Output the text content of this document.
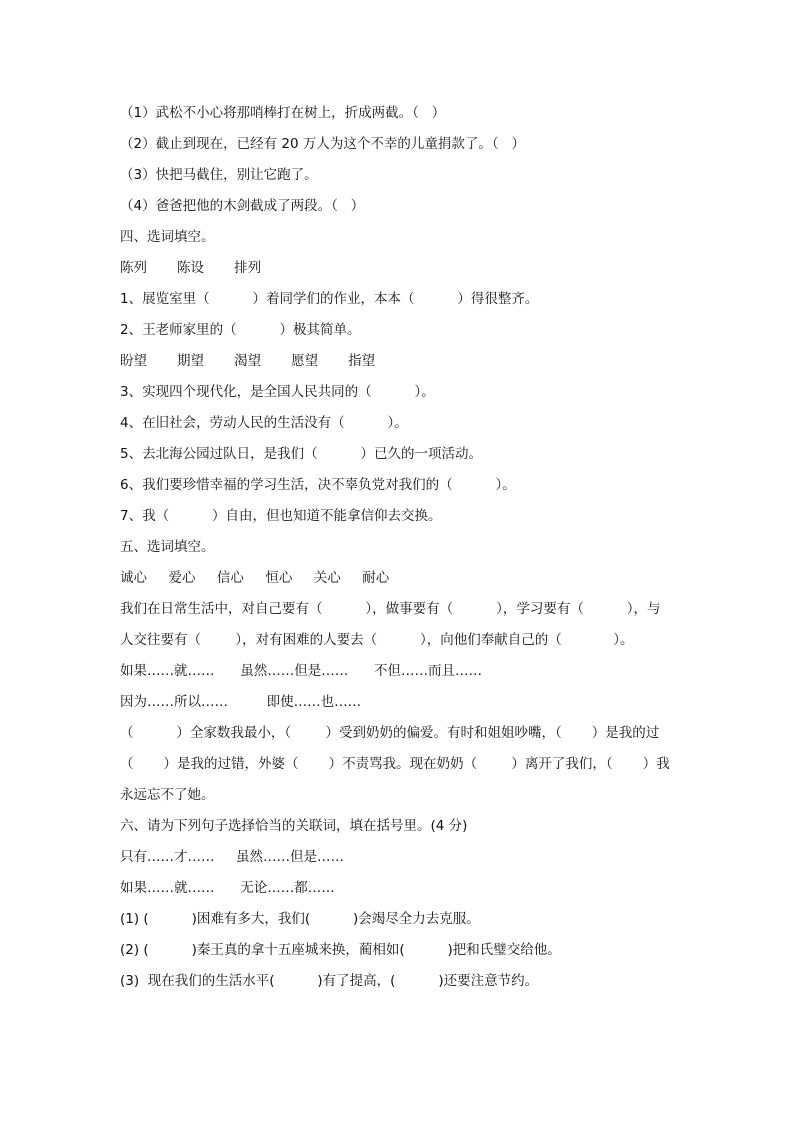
（1）武松不小心将那哨棒打在树上，折成两截。（   ）
（2）截止到现在，已经有 20 万人为这个不幸的儿童捐款了。（   ）
（3）快把马截住，别让它跑了。
（4）爸爸把他的木剑截成了两段。（   ）
四、选词填空。
陈列       陈设       排列
1、展览室里（          ）着同学们的作业，本本（          ）得很整齐。
2、王老师家里的（          ）极其简单。
盼望       期望       渴望       愿望       指望
3、实现四个现代化，是全国人民共同的（          ）。
4、在旧社会，劳动人民的生活没有（          ）。
5、去北海公园过队日，是我们（          ）已久的一项活动。
6、我们要珍惜幸福的学习生活，决不辜负党对我们的（          ）。
7、我（          ）自由，但也知道不能拿信仰去交换。
五、选词填空。
诚心     爱心     信心     恒心     关心     耐心
我们在日常生活中，对自己要有（          ），做事要有（          ），学习要有（          ），与
人交往要有（        ），对有困难的人要去（          ），向他们奉献自己的（            ）。
如果……就……      虽然……但是……      不但……而且……
因为……所以……         即使……也……
（          ）全家数我最小，（        ）受到奶奶的偏爱。有时和姐姐吵嘴，（       ）是我的过
（       ）是我的过错，外婆（       ）不责骂我。现在奶奶（        ）离开了我们，（       ）我
永远忘不了她。
六、请为下列句子选择恰当的关联词，填在括号里。(4 分)
只有……才……     虽然……但是……
如果……就……      无论……都……
(1) (          )困难有多大，我们(          )会竭尽全力去克服。
(2) (          )秦王真的拿十五座城来换，蔺相如(          )把和氏璧交给他。
(3)  现在我们的生活水平(          )有了提高，(          )还要注意节约。
